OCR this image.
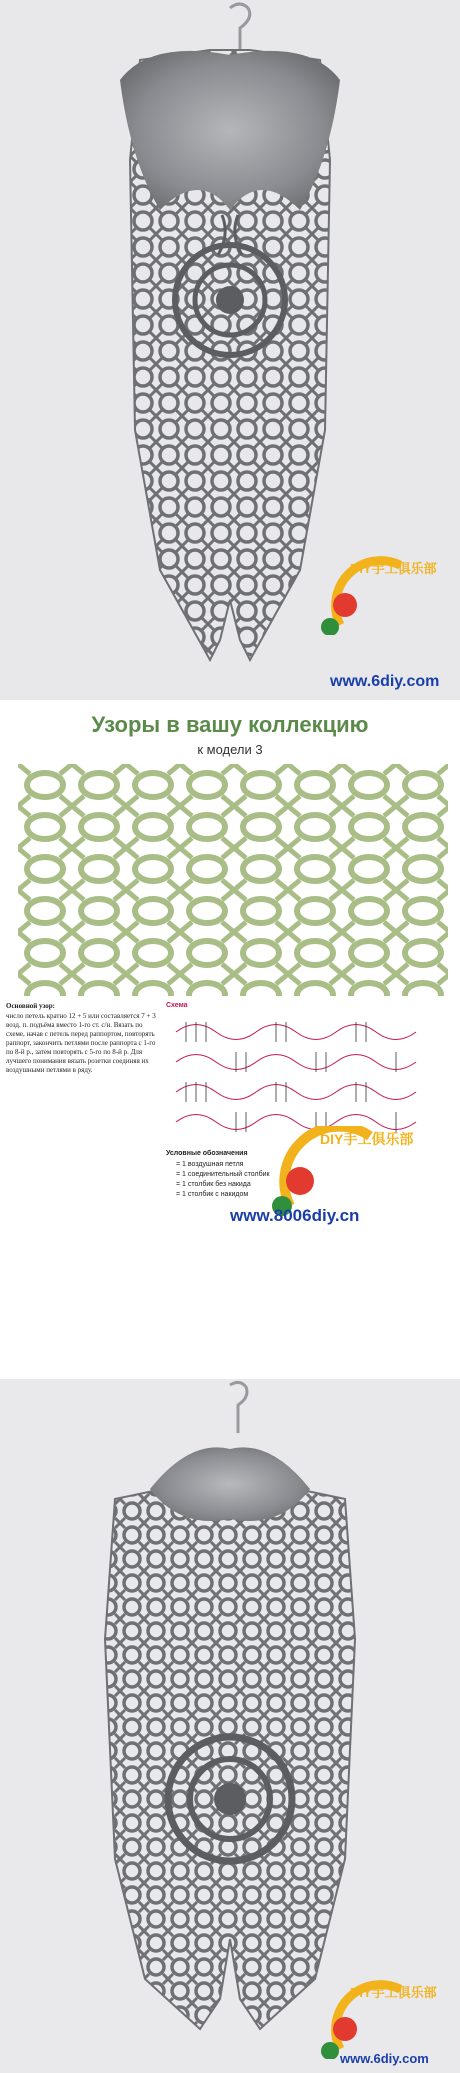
DIY手工俱乐部
www.6diy.com
Узоры в вашу коллекцию
к модели 3
Основной узор:
число петель кратно 12 + 5 или составляется 7 + 3 возд. п. подъёма вместо 1-го ст. с/н. Вязать по схеме, начав с петель перед раппортом, повторять раппорт, закончить петлями после раппорта с 1-го по 8-й р., затем повторять с 5-го по 8-й р. Для лучшего понимания вязать розетки соединяя их воздушными петлями в ряду.
Схема
Условные обозначения
= 1 воздушная петля
= 1 соединительный столбик
= 1 столбик без накида
= 1 столбик с накидом
DIY手工俱乐部
www.8006diy.cn
DIY手工俱乐部
www.6diy.com
